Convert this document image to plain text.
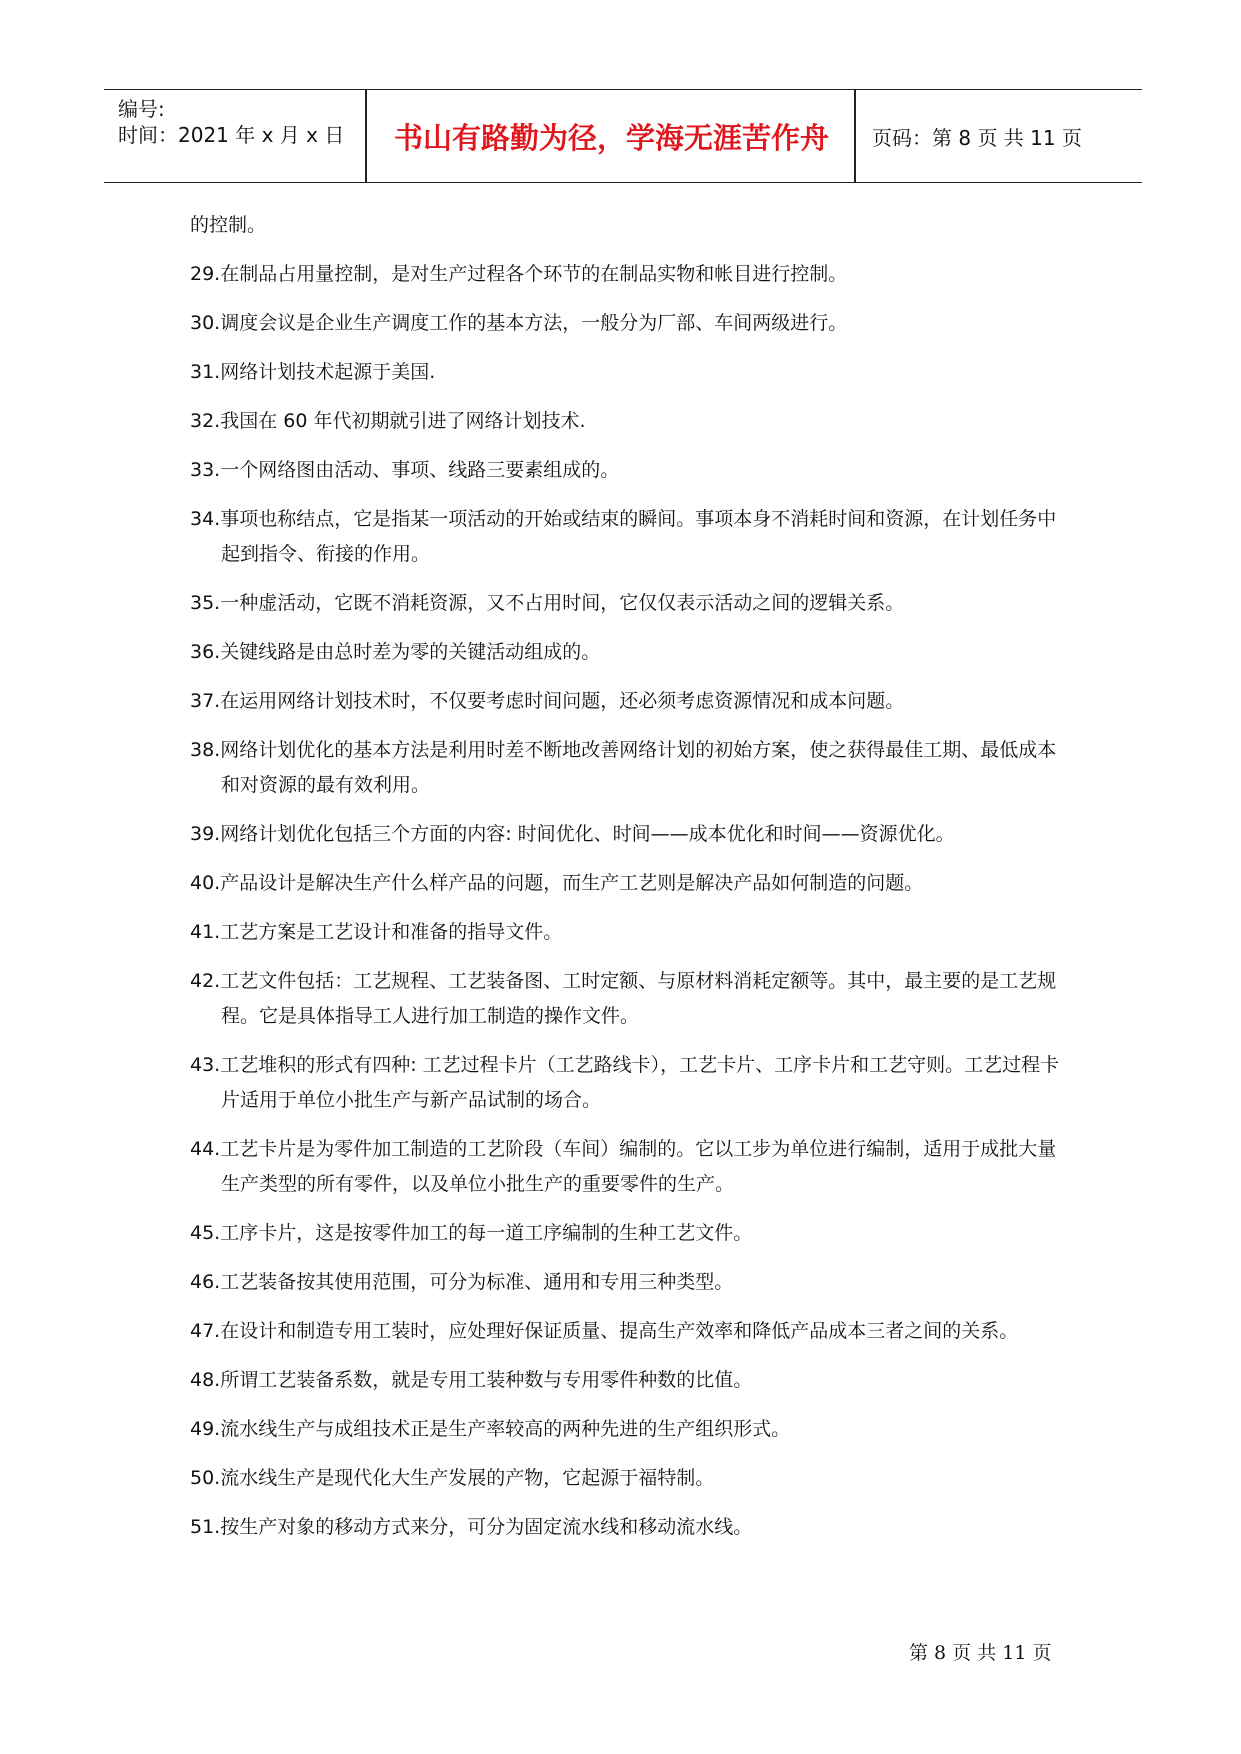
编号:
时间：2021 年 x 月 x 日	书山有路勤为径，学海无涯苦作舟	页码：第 8 页 共 11 页
的控制。
29.在制品占用量控制，是对生产过程各个环节的在制品实物和帐目进行控制。
30.调度会议是企业生产调度工作的基本方法，一般分为厂部、车间两级进行。
31.网络计划技术起源于美国.
32.我国在 60 年代初期就引进了网络计划技术.
33.一个网络图由活动、事项、线路三要素组成的。
34.事项也称结点，它是指某一项活动的开始或结束的瞬间。事项本身不消耗时间和资源，在计划任务中起到指令、衔接的作用。
35.一种虚活动，它既不消耗资源，又不占用时间，它仅仅表示活动之间的逻辑关系。
36.关键线路是由总时差为零的关键活动组成的。
37.在运用网络计划技术时，不仅要考虑时间问题，还必须考虑资源情况和成本问题。
38.网络计划优化的基本方法是利用时差不断地改善网络计划的初始方案，使之获得最佳工期、最低成本和对资源的最有效利用。
39.网络计划优化包括三个方面的内容: 时间优化、时间——成本优化和时间——资源优化。
40.产品设计是解决生产什么样产品的问题，而生产工艺则是解决产品如何制造的问题。
41.工艺方案是工艺设计和准备的指导文件。
42.工艺文件包括：工艺规程、工艺装备图、工时定额、与原材料消耗定额等。其中，最主要的是工艺规程。它是具体指导工人进行加工制造的操作文件。
43.工艺堆积的形式有四种: 工艺过程卡片（工艺路线卡），工艺卡片、工序卡片和工艺守则。工艺过程卡片适用于单位小批生产与新产品试制的场合。
44.工艺卡片是为零件加工制造的工艺阶段（车间）编制的。它以工步为单位进行编制，适用于成批大量生产类型的所有零件，以及单位小批生产的重要零件的生产。
45.工序卡片，这是按零件加工的每一道工序编制的生种工艺文件。
46.工艺装备按其使用范围，可分为标准、通用和专用三种类型。
47.在设计和制造专用工装时，应处理好保证质量、提高生产效率和降低产品成本三者之间的关系。
48.所谓工艺装备系数，就是专用工装种数与专用零件种数的比值。
49.流水线生产与成组技术正是生产率较高的两种先进的生产组织形式。
50.流水线生产是现代化大生产发展的产物，它起源于福特制。
51.按生产对象的移动方式来分，可分为固定流水线和移动流水线。
第 8 页 共 11 页
